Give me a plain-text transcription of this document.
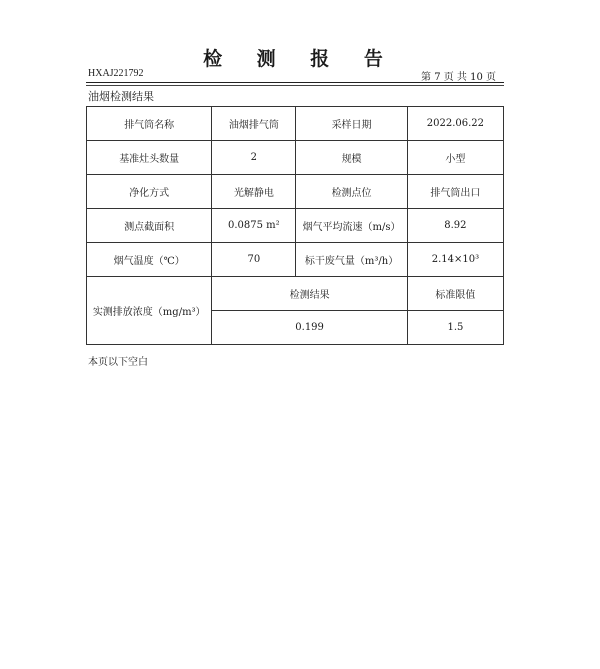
检 测 报 告
HXAJ221792	第 7 页 共 10 页
油烟检测结果
排气筒名称	油烟排气筒	采样日期	2022.06.22
基准灶头数量	2	规模	小型
净化方式	光解静电	检测点位	排气筒出口
测点截面积	0.0875 m²	烟气平均流速（m/s）	8.92
烟气温度（℃）	70	标干废气量（m³/h）	2.14×10³
实测排放浓度（mg/m³）	检测结果		标准限值
	0.199		1.5
本页以下空白
